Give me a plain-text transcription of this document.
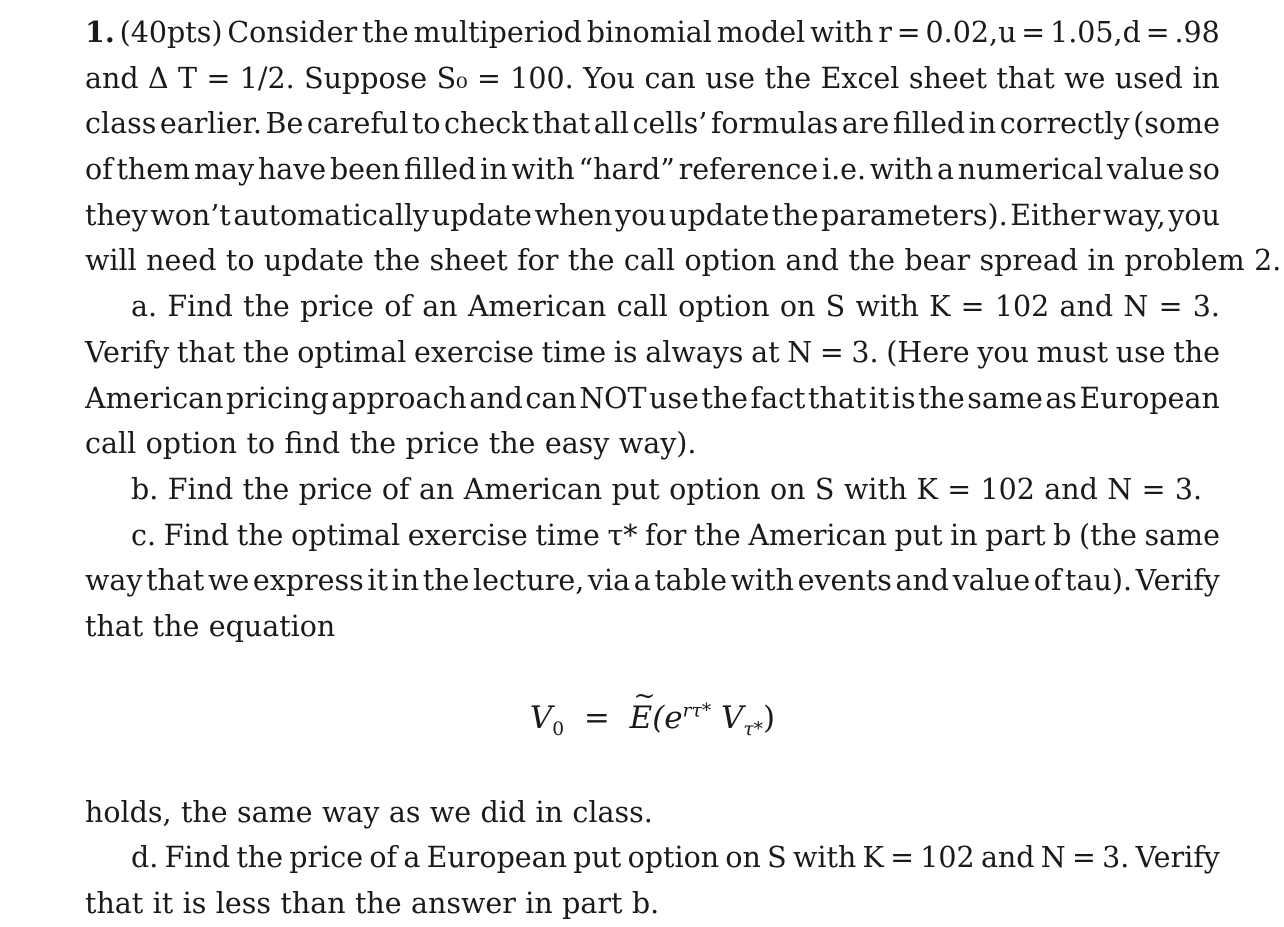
1. (40pts) Consider the multiperiod binomial model with r = 0.02,u = 1.05,d = .98
and Δ T = 1/2. Suppose S₀ = 100. You can use the Excel sheet that we used in
class earlier. Be careful to check that all cells’ formulas are filled in correctly (some
of them may have been filled in with “hard” reference i.e. with a numerical value so
they won’t automatically update when you update the parameters). Either way, you
will need to update the sheet for the call option and the bear spread in problem 2.
a. Find the price of an American call option on S with K = 102 and N = 3.
Verify that the optimal exercise time is always at N = 3. (Here you must use the
American pricing approach and can NOT use the fact that it is the same as European
call option to find the price the easy way).
b. Find the price of an American put option on S with K = 102 and N = 3.
c. Find the optimal exercise time τ* for the American put in part b (the same
way that we express it in the lecture, via a table with events and value of tau). Verify
that the equation
$V_0$ =  ~ $E(e^{r\tau*}$ $V_{\tau*}$)
holds, the same way as we did in class.
d. Find the price of a European put option on S with K = 102 and N = 3. Verify
that it is less than the answer in part b.
